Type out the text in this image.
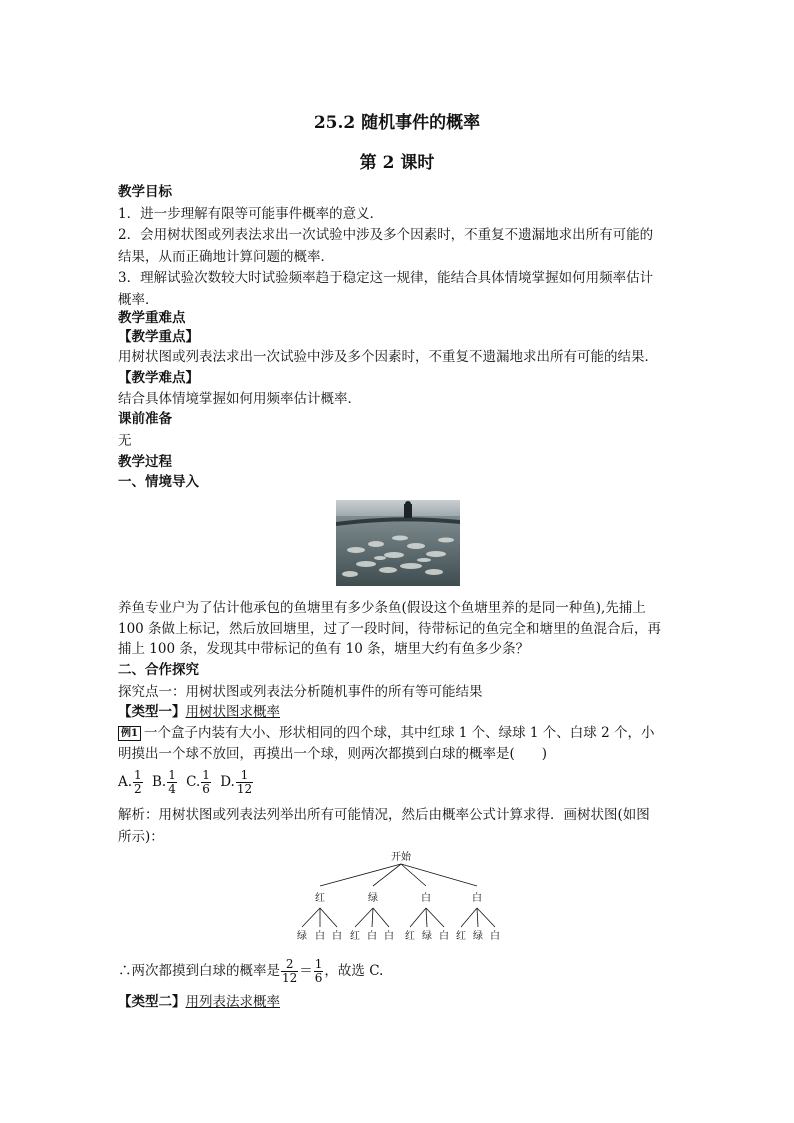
25.2 随机事件的概率
第 2 课时
教学目标
1．进一步理解有限等可能事件概率的意义．
2．会用树状图或列表法求出一次试验中涉及多个因素时，不重复不遗漏地求出所有可能的
结果，从而正确地计算问题的概率．
3．理解试验次数较大时试验频率趋于稳定这一规律，能结合具体情境掌握如何用频率估计
概率．
教学重难点
【教学重点】
用树状图或列表法求出一次试验中涉及多个因素时，不重复不遗漏地求出所有可能的结果．
【教学难点】
结合具体情境掌握如何用频率估计概率．
课前准备
无
教学过程
一、情境导入
养鱼专业户为了估计他承包的鱼塘里有多少条鱼(假设这个鱼塘里养的是同一种鱼),先捕上
100 条做上标记，然后放回塘里，过了一段时间，待带标记的鱼完全和塘里的鱼混合后，再
捕上 100 条，发现其中带标记的鱼有 10 条，塘里大约有鱼多少条？
二、合作探究
探究点一：用树状图或列表法分析随机事件的所有等可能结果
【类型一】用树状图求概率
例1 一个盒子内装有大小、形状相同的四个球，其中红球 1 个、绿球 1 个、白球 2 个，小
明摸出一个球不放回，再摸出一个球，则两次都摸到白球的概率是(　　)
A. $\frac{1}{2} B$. $\frac{1}{4} C$. $\frac{1}{6} D$. $\frac{1}{12}$
解析：用树状图或列表法列举出所有可能情况，然后由概率公式计算求得．画树状图(如图
所示)：
开始
红	绿	白	白
绿 白 白 红 白 白 红 绿 白 红 绿 白
∴两次都摸到白球的概率是 $\frac{2}{12} = \frac{1}{6}$ ，故选 C.
【类型二】用列表法求概率
